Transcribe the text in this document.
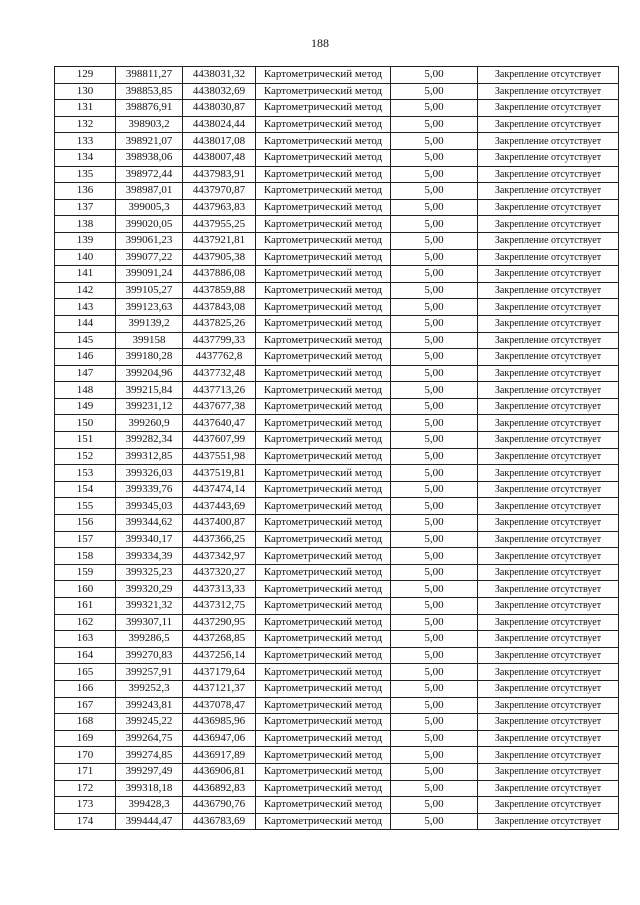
188
129	398811,27	4438031,32	Картометрический метод	5,00	Закрепление отсутствует
130	398853,85	4438032,69	Картометрический метод	5,00	Закрепление отсутствует
131	398876,91	4438030,87	Картометрический метод	5,00	Закрепление отсутствует
132	398903,2	4438024,44	Картометрический метод	5,00	Закрепление отсутствует
133	398921,07	4438017,08	Картометрический метод	5,00	Закрепление отсутствует
134	398938,06	4438007,48	Картометрический метод	5,00	Закрепление отсутствует
135	398972,44	4437983,91	Картометрический метод	5,00	Закрепление отсутствует
136	398987,01	4437970,87	Картометрический метод	5,00	Закрепление отсутствует
137	399005,3	4437963,83	Картометрический метод	5,00	Закрепление отсутствует
138	399020,05	4437955,25	Картометрический метод	5,00	Закрепление отсутствует
139	399061,23	4437921,81	Картометрический метод	5,00	Закрепление отсутствует
140	399077,22	4437905,38	Картометрический метод	5,00	Закрепление отсутствует
141	399091,24	4437886,08	Картометрический метод	5,00	Закрепление отсутствует
142	399105,27	4437859,88	Картометрический метод	5,00	Закрепление отсутствует
143	399123,63	4437843,08	Картометрический метод	5,00	Закрепление отсутствует
144	399139,2	4437825,26	Картометрический метод	5,00	Закрепление отсутствует
145	399158	4437799,33	Картометрический метод	5,00	Закрепление отсутствует
146	399180,28	4437762,8	Картометрический метод	5,00	Закрепление отсутствует
147	399204,96	4437732,48	Картометрический метод	5,00	Закрепление отсутствует
148	399215,84	4437713,26	Картометрический метод	5,00	Закрепление отсутствует
149	399231,12	4437677,38	Картометрический метод	5,00	Закрепление отсутствует
150	399260,9	4437640,47	Картометрический метод	5,00	Закрепление отсутствует
151	399282,34	4437607,99	Картометрический метод	5,00	Закрепление отсутствует
152	399312,85	4437551,98	Картометрический метод	5,00	Закрепление отсутствует
153	399326,03	4437519,81	Картометрический метод	5,00	Закрепление отсутствует
154	399339,76	4437474,14	Картометрический метод	5,00	Закрепление отсутствует
155	399345,03	4437443,69	Картометрический метод	5,00	Закрепление отсутствует
156	399344,62	4437400,87	Картометрический метод	5,00	Закрепление отсутствует
157	399340,17	4437366,25	Картометрический метод	5,00	Закрепление отсутствует
158	399334,39	4437342,97	Картометрический метод	5,00	Закрепление отсутствует
159	399325,23	4437320,27	Картометрический метод	5,00	Закрепление отсутствует
160	399320,29	4437313,33	Картометрический метод	5,00	Закрепление отсутствует
161	399321,32	4437312,75	Картометрический метод	5,00	Закрепление отсутствует
162	399307,11	4437290,95	Картометрический метод	5,00	Закрепление отсутствует
163	399286,5	4437268,85	Картометрический метод	5,00	Закрепление отсутствует
164	399270,83	4437256,14	Картометрический метод	5,00	Закрепление отсутствует
165	399257,91	4437179,64	Картометрический метод	5,00	Закрепление отсутствует
166	399252,3	4437121,37	Картометрический метод	5,00	Закрепление отсутствует
167	399243,81	4437078,47	Картометрический метод	5,00	Закрепление отсутствует
168	399245,22	4436985,96	Картометрический метод	5,00	Закрепление отсутствует
169	399264,75	4436947,06	Картометрический метод	5,00	Закрепление отсутствует
170	399274,85	4436917,89	Картометрический метод	5,00	Закрепление отсутствует
171	399297,49	4436906,81	Картометрический метод	5,00	Закрепление отсутствует
172	399318,18	4436892,83	Картометрический метод	5,00	Закрепление отсутствует
173	399428,3	4436790,76	Картометрический метод	5,00	Закрепление отсутствует
174	399444,47	4436783,69	Картометрический метод	5,00	Закрепление отсутствует
